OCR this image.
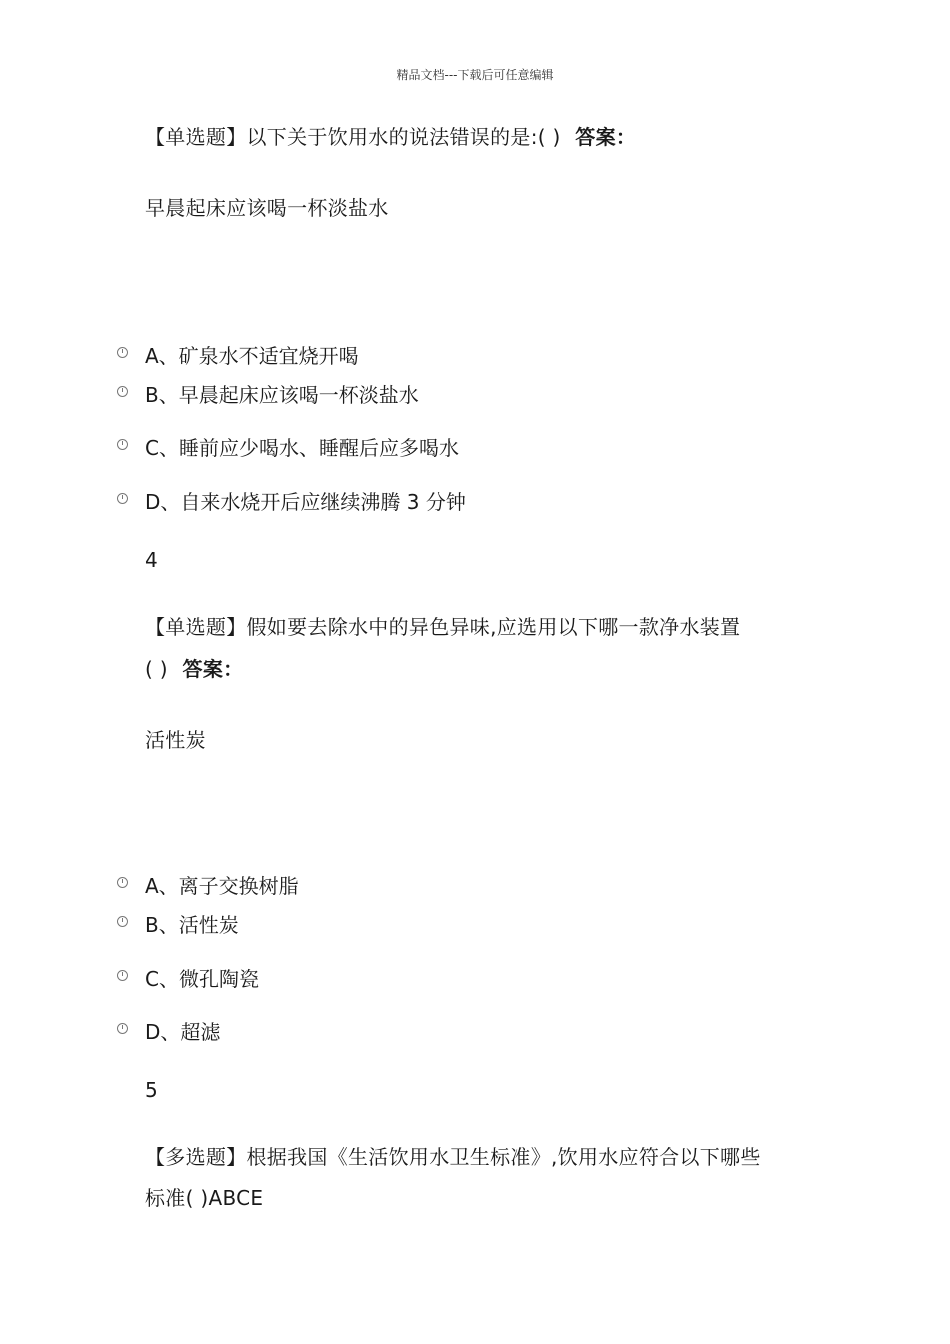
精品文档---下载后可任意编辑
【单选题】以下关于饮用水的说法错误的是:( ) 答案：
早晨起床应该喝一杯淡盐水
A、矿泉水不适宜烧开喝
B、早晨起床应该喝一杯淡盐水
C、睡前应少喝水、睡醒后应多喝水
D、自来水烧开后应继续沸腾 3 分钟
4
【单选题】假如要去除水中的异色异味,应选用以下哪一款净水装置
( ) 答案：
活性炭
A、离子交换树脂
B、活性炭
C、微孔陶瓷
D、超滤
5
【多选题】根据我国《生活饮用水卫生标准》,饮用水应符合以下哪些
标准( )ABCE
